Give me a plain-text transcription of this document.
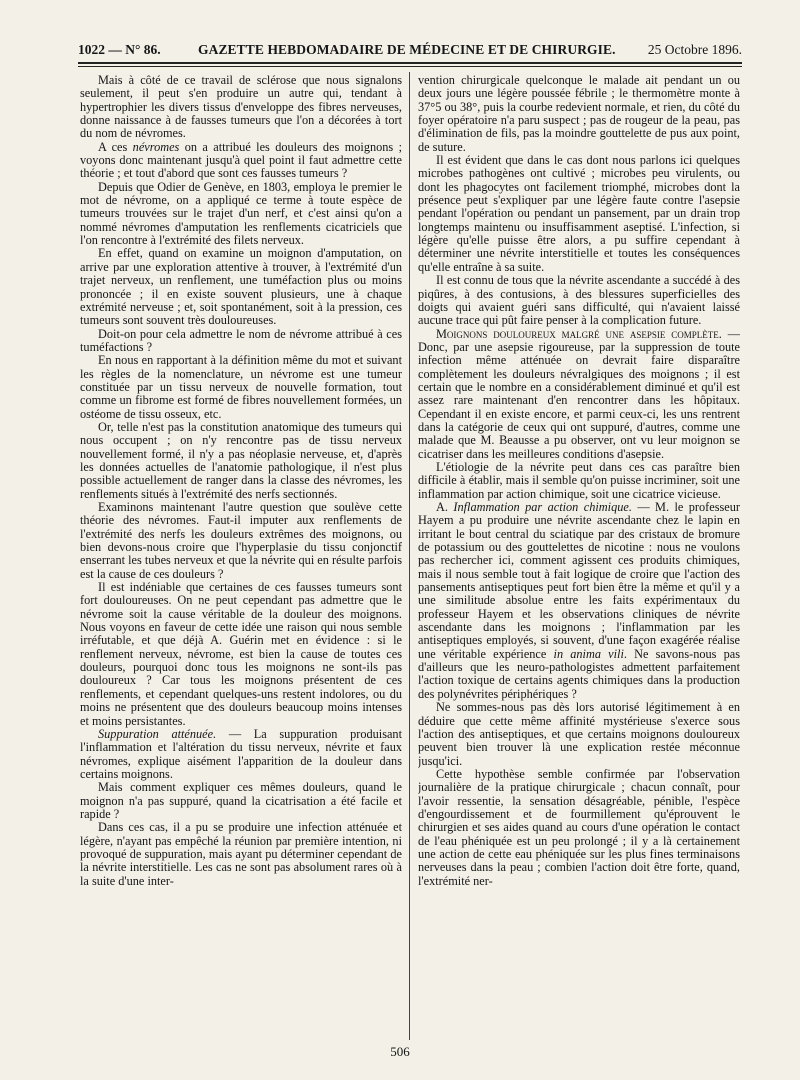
1022 — N° 86.	GAZETTE HEBDOMADAIRE DE MÉDECINE ET DE CHIRURGIE. 25 Octobre 1896.

Mais à côté de ce travail de sclérose que nous signalons seulement, il peut s'en produire un autre qui, tendant à hypertrophier les divers tissus d'enveloppe des fibres nerveuses, donne naissance à de fausses tumeurs que l'on a décorées à tort du nom de névromes.

A ces névromes on a attribué les douleurs des moignons ; voyons donc maintenant jusqu'à quel point il faut admettre cette théorie ; et tout d'abord que sont ces fausses tumeurs ?

Depuis que Odier de Genève, en 1803, employa le premier le mot de névrome, on a appliqué ce terme à toute espèce de tumeurs trouvées sur le trajet d'un nerf, et c'est ainsi qu'on a nommé névromes d'amputation les renflements cicatriciels que l'on rencontre à l'extrémité des filets nerveux.

En effet, quand on examine un moignon d'amputation, on arrive par une exploration attentive à trouver, à l'extrémité d'un trajet nerveux, un renflement, une tuméfaction plus ou moins prononcée ; il en existe souvent plusieurs, une à chaque extrémité nerveuse ; et, soit spontanément, soit à la pression, ces tumeurs sont souvent très douloureuses.

Doit-on pour cela admettre le nom de névrome attribué à ces tuméfactions ?

En nous en rapportant à la définition même du mot et suivant les règles de la nomenclature, un névrome est une tumeur constituée par un tissu nerveux de nouvelle formation, tout comme un fibrome est formé de fibres nouvellement formées, un ostéome de tissu osseux, etc.

Or, telle n'est pas la constitution anatomique des tumeurs qui nous occupent ; on n'y rencontre pas de tissu nerveux nouvellement formé, il n'y a pas néoplasie nerveuse, et, d'après les données actuelles de l'anatomie pathologique, il n'est plus possible actuellement de ranger dans la classe des névromes, les renflements situés à l'extrémité des nerfs sectionnés.

Examinons maintenant l'autre question que soulève cette théorie des névromes. Faut-il imputer aux renflements de l'extrémité des nerfs les douleurs extrêmes des moignons, ou bien devons-nous croire que l'hyperplasie du tissu conjonctif enserrant les tubes nerveux et que la névrite qui en résulte parfois est la cause de ces douleurs ?

Il est indéniable que certaines de ces fausses tumeurs sont fort douloureuses. On ne peut cependant pas admettre que le névrome soit la cause véritable de la douleur des moignons. Nous voyons en faveur de cette idée une raison qui nous semble irréfutable, et que déjà A. Guérin met en évidence : si le renflement nerveux, névrome, est bien la cause de toutes ces douleurs, pourquoi donc tous les moignons ne sont-ils pas douloureux ? Car tous les moignons présentent de ces renflements, et cependant quelques-uns restent indolores, ou du moins ne présentent que des douleurs beaucoup moins intenses et moins persistantes.

Suppuration atténuée. — La suppuration produisant l'inflammation et l'altération du tissu nerveux, névrite et faux névromes, explique aisément l'apparition de la douleur dans certains moignons.

Mais comment expliquer ces mêmes douleurs, quand le moignon n'a pas suppuré, quand la cicatrisation a été facile et rapide ?

Dans ces cas, il a pu se produire une infection atténuée et légère, n'ayant pas empêché la réunion par première intention, ni provoqué de suppuration, mais ayant pu déterminer cependant de la névrite interstitielle. Les cas ne sont pas absolument rares où à la suite d'une inter-

vention chirurgicale quelconque le malade ait pendant un ou deux jours une légère poussée fébrile ; le thermomètre monte à 37°5 ou 38°, puis la courbe redevient normale, et rien, du côté du foyer opératoire n'a paru suspect ; pas de rougeur de la peau, pas d'élimination de fils, pas la moindre gouttelette de pus aux point, de suture.

Il est évident que dans le cas dont nous parlons ici quelques microbes pathogènes ont cultivé ; microbes peu virulents, ou dont les phagocytes ont facilement triomphé, microbes dont la présence peut s'expliquer par une légère faute contre l'asepsie pendant l'opération ou pendant un pansement, par un drain trop longtemps maintenu ou insuffisamment aseptisé. L'infection, si légère qu'elle puisse être alors, a pu suffire cependant à déterminer une névrite interstitielle et toutes les conséquences qu'elle entraîne à sa suite.

Il est connu de tous que la névrite ascendante a succédé à des piqûres, à des contusions, à des blessures superficielles des doigts qui avaient guéri sans difficulté, qui n'avaient laissé aucune trace qui pût faire penser à la complication future.

Moignons douloureux malgré une asepsie complète. — Donc, par une asepsie rigoureuse, par la suppression de toute infection même atténuée on devrait faire disparaître complètement les douleurs névralgiques des moignons ; il est certain que le nombre en a considérablement diminué et qu'il est assez rare maintenant d'en rencontrer dans les hôpitaux. Cependant il en existe encore, et parmi ceux-ci, les uns rentrent dans la catégorie de ceux qui ont suppuré, d'autres, comme une malade que M. Beausse a pu observer, ont vu leur moignon se cicatriser dans les meilleures conditions d'asepsie.

L'étiologie de la névrite peut dans ces cas paraître bien difficile à établir, mais il semble qu'on puisse incriminer, soit une inflammation par action chimique, soit une cicatrice vicieuse.

A. Inflammation par action chimique. — M. le professeur Hayem a pu produire une névrite ascendante chez le lapin en irritant le bout central du sciatique par des cristaux de bromure de potassium ou des gouttelettes de nicotine : nous ne voulons pas rechercher ici, comment agissent ces produits chimiques, mais il nous semble tout à fait logique de croire que l'action des pansements antiseptiques peut fort bien être la même et qu'il y a une similitude absolue entre les faits expérimentaux du professeur Hayem et les observations cliniques de névrite ascendante dans les moignons ; l'inflammation par les antiseptiques employés, si souvent, d'une façon exagérée réalise une véritable expérience in anima vili. Ne savons-nous pas d'ailleurs que les neuro-pathologistes admettent parfaitement l'action toxique de certains agents chimiques dans la production des polynévrites périphériques ?

Ne sommes-nous pas dès lors autorisé légitimement à en déduire que cette même affinité mystérieuse s'exerce sous l'action des antiseptiques, et que certains moignons douloureux peuvent bien trouver là une explication restée méconnue jusqu'ici.

Cette hypothèse semble confirmée par l'observation journalière de la pratique chirurgicale ; chacun connaît, pour l'avoir ressentie, la sensation désagréable, pénible, l'espèce d'engourdissement et de fourmillement qu'éprouvent le chirurgien et ses aides quand au cours d'une opération le contact de l'eau phéniquée est un peu prolongé ; il y a là certainement une action de cette eau phéniquée sur les plus fines terminaisons nerveuses dans la peau ; combien l'action doit être forte, quand, l'extrémité ner-

506
